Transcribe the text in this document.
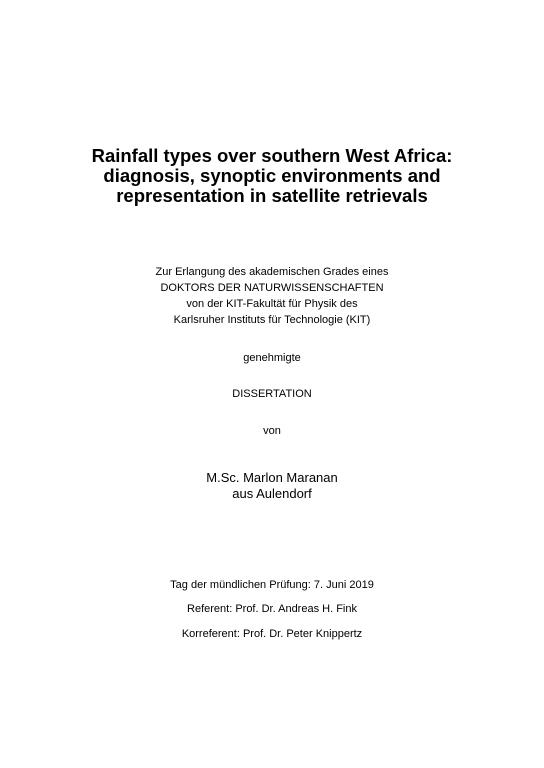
Rainfall types over southern West Africa:
diagnosis, synoptic environments and
representation in satellite retrievals
Zur Erlangung des akademischen Grades eines
DOKTORS DER NATURWISSENSCHAFTEN
von der KIT-Fakultät für Physik des
Karlsruher Instituts für Technologie (KIT)
genehmigte
DISSERTATION
von
M.Sc. Marlon Maranan
aus Aulendorf
Tag der mündlichen Prüfung: 7. Juni 2019
Referent: Prof. Dr. Andreas H. Fink
Korreferent: Prof. Dr. Peter Knippertz
